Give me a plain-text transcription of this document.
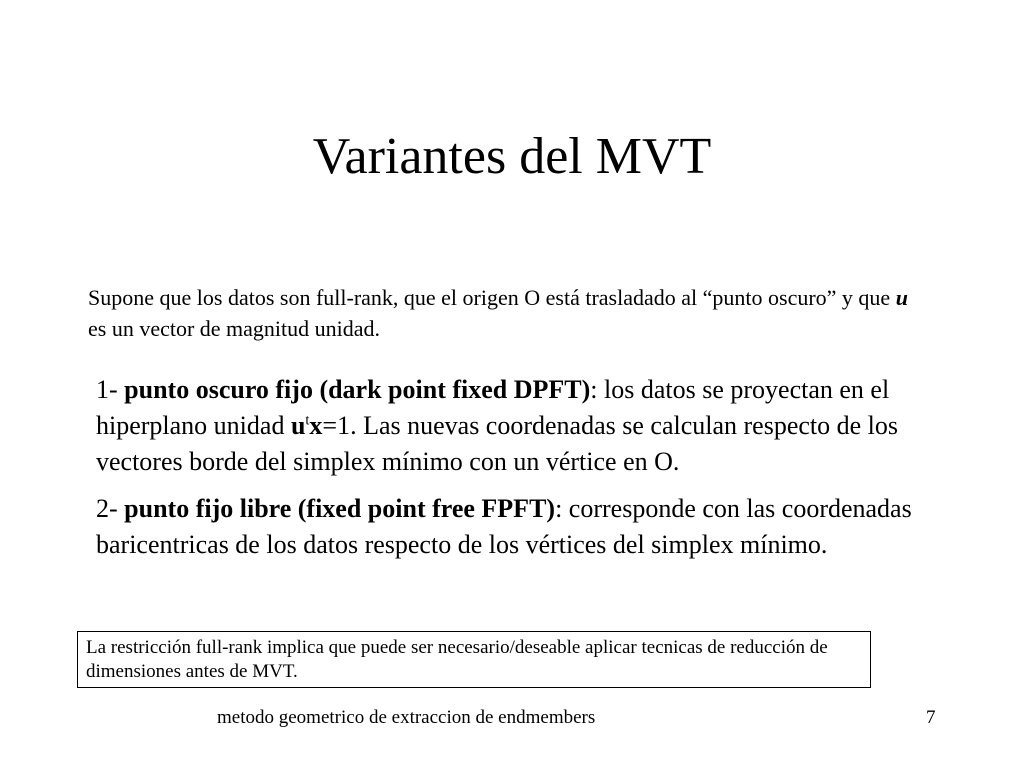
Variantes del MVT
Supone que los datos son full-rank, que el origen O está trasladado al “punto oscuro” y que u es un vector de magnitud unidad.
1- punto oscuro fijo (dark point fixed DPFT): los datos se proyectan en el hiperplano unidad $u^tx=1$. Las nuevas coordenadas se calculan respecto de los vectores borde del simplex mínimo con un vértice en O.
2- punto fijo libre (fixed point free FPFT): corresponde con las coordenadas baricentricas de los datos respecto de los vértices del simplex mínimo.
La restricción full-rank implica que puede ser necesario/deseable aplicar tecnicas de reducción de dimensiones antes de MVT.
metodo geometrico de extraccion de endmembers	7
